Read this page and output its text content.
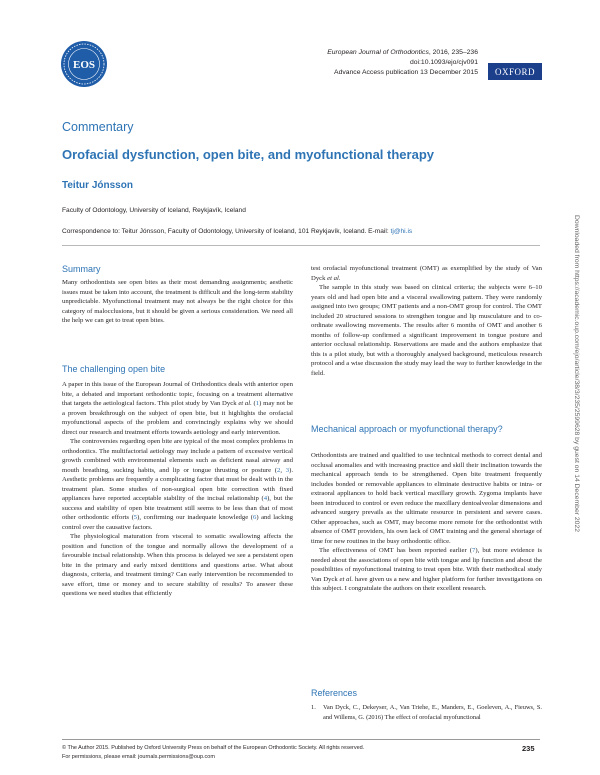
EOS
European Journal of Orthodontics, 2016, 235–236
doi:10.1093/ejo/cjv091
Advance Access publication 13 December 2015 OXFORD
Commentary
Orofacial dysfunction, open bite, and myofunctional therapy
Teitur Jónsson
Faculty of Odontology, University of Iceland, Reykjavík, Iceland
Correspondence to: Teitur Jónsson, Faculty of Odontology, University of Iceland, 101 Reykjavík, Iceland. E-mail: tj@hi.is
Summary

Many orthodontists see open bites as their most demanding assignments; aesthetic issues must be taken into account, the treatment is difficult and the long-term stability unpredictable. Myofunctional treatment may not always be the right choice for this category of malocclusions, but it should be given a serious consideration. We need all the help we can get to treat open bites.

The challenging open bite

A paper in this issue of the European Journal of Orthodontics deals with anterior open bite, a debated and important orthodontic topic, focusing on a treatment alternative that targets the aetiological factors. This pilot study by Van Dyck et al. (1) may not be a proven breakthrough on the subject of open bite, but it highlights the orofacial myofunctional aspects of the problem and convincingly explains why we should direct our research and treatment efforts towards aetiology and early intervention.

The controversies regarding open bite are typical of the most complex problems in orthodontics. The multifactorial aetiology may include a pattern of excessive vertical growth combined with environmental elements such as deficient nasal airway and mouth breathing, sucking habits, and lip or tongue thrusting or posture (2, 3). Aesthetic problems are frequently a complicating factor that must be dealt with in the treatment plan. Some studies of non-surgical open bite correction with fixed appliances have reported acceptable stability of the incisal relationship (4), but the success and stability of open bite treatment still seems to be less than that of most other orthodontic efforts (5), confirming our inadequate knowledge (6) and lacking control over the causative factors.

The physiological maturation from visceral to somatic swallowing affects the position and function of the tongue and normally allows the development of a favourable incisal relationship. When this process is delayed we see a persistent open bite in the primary and early mixed dentitions and questions arise. What about diagnosis, criteria, and treatment timing? Can early intervention be recommended to save effort, time or money and to secure stability of results? To answer these questions we need studies that efficiently

test orofacial myofunctional treatment (OMT) as exemplified by the study of Van Dyck et al.

The sample in this study was based on clinical criteria; the subjects were 6–10 years old and had open bite and a visceral swallowing pattern. They were randomly assigned into two groups; OMT patients and a non-OMT group for control. The OMT included 20 structured sessions to strengthen tongue and lip musculature and to co-ordinate swallowing movements. The results after 6 months of OMT and another 6 months of follow-up confirmed a significant improvement in tongue posture and anterior occlusal relationship. Reservations are made and the authors emphasize that this is a pilot study, but with a thoroughly analysed background, meticulous research protocol and a wise discussion the study may lead the way to further knowledge in the field.

Mechanical approach or myofunctional therapy?

Orthodontists are trained and qualified to use technical methods to correct dental and occlusal anomalies and with increasing practice and skill their inclination towards the mechanical approach tends to be strengthened. Open bite treatment frequently includes bonded or removable appliances to eliminate destructive habits or intra- or extraoral appliances to hold back vertical maxillary growth. Zygoma implants have been introduced to control or even reduce the maxillary dentoalveolar dimensions and advanced surgery prevails as the ultimate resource in persistent and severe cases. Other approaches, such as OMT, may become more remote for the orthodontist with absence of OMT providers, his own lack of OMT training and the general shortage of time for new routines in the busy orthodontic office.

The effectiveness of OMT has been reported earlier (7), but more evidence is needed about the associations of open bite with tongue and lip function and about the possibilities of myofunctional training to treat open bite. With their methodical study Van Dyck et al. have given us a new and higher platform for further investigations on this subject. I congratulate the authors on their excellent research.

References
1. Van Dyck, C., Dekeyser, A., Van Triehe, E., Manders, E., Goeleven, A., Fieuws, S. and Willems, G. (2016) The effect of orofacial myofunctional
Downloaded from https://academic.oup.com/ejo/article/38/3/235/2599628 by guest on 14 December 2022
© The Author 2015. Published by Oxford University Press on behalf of the European Orthodontic Society. All rights reserved.
For permissions, please email: journals.permissions@oup.com
235
